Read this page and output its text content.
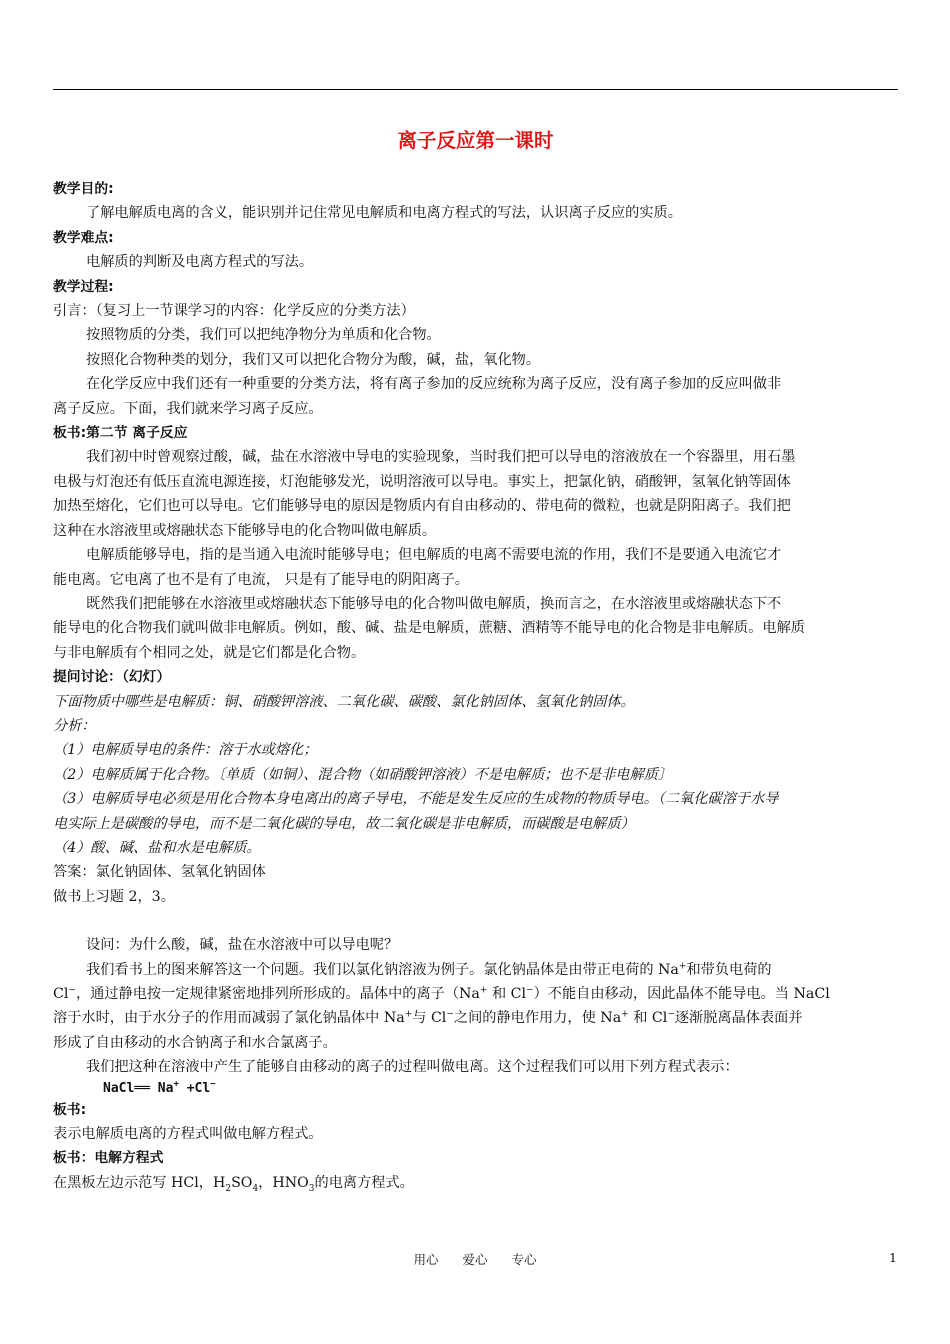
离子反应第一课时
教学目的:
了解电解质电离的含义，能识别并记住常见电解质和电离方程式的写法，认识离子反应的实质。
教学难点:
电解质的判断及电离方程式的写法。
教学过程:
引言：（复习上一节课学习的内容：化学反应的分类方法）
按照物质的分类，我们可以把纯净物分为单质和化合物。
按照化合物种类的划分，我们又可以把化合物分为酸，碱，盐，氧化物。
在化学反应中我们还有一种重要的分类方法，将有离子参加的反应统称为离子反应，没有离子参加的反应叫做非
离子反应。下面，我们就来学习离子反应。
板书:第二节 离子反应
我们初中时曾观察过酸，碱，盐在水溶液中导电的实验现象，当时我们把可以导电的溶液放在一个容器里，用石墨
电极与灯泡还有低压直流电源连接，灯泡能够发光，说明溶液可以导电。事实上，把氯化钠，硝酸钾，氢氧化钠等固体
加热至熔化，它们也可以导电。它们能够导电的原因是物质内有自由移动的、带电荷的微粒，也就是阴阳离子。我们把
这种在水溶液里或熔融状态下能够导电的化合物叫做电解质。
电解质能够导电，指的是当通入电流时能够导电；但电解质的电离不需要电流的作用，我们不是要通入电流它才
能电离。它电离了也不是有了电流， 只是有了能导电的阴阳离子。
既然我们把能够在水溶液里或熔融状态下能够导电的化合物叫做电解质，换而言之，在水溶液里或熔融状态下不
能导电的化合物我们就叫做非电解质。例如，酸、碱、盐是电解质，蔗糖、酒精等不能导电的化合物是非电解质。电解质
与非电解质有个相同之处，就是它们都是化合物。
提问讨论：（幻灯）
下面物质中哪些是电解质：铜、硝酸钾溶液、二氧化碳、碳酸、氯化钠固体、氢氧化钠固体。
分析：
（1）电解质导电的条件：溶于水或熔化；
（2）电解质属于化合物。〔单质（如铜）、混合物（如硝酸钾溶液）不是电解质；也不是非电解质〕
（3）电解质导电必须是用化合物本身电离出的离子导电，不能是发生反应的生成物的物质导电。（二氧化碳溶于水导
电实际上是碳酸的导电，而不是二氧化碳的导电，故二氧化碳是非电解质，而碳酸是电解质）
（4）酸、碱、盐和水是电解质。
答案：氯化钠固体、氢氧化钠固体
做书上习题 2，3。
设问：为什么酸，碱，盐在水溶液中可以导电呢？
我们看书上的图来解答这一个问题。我们以氯化钠溶液为例子。氯化钠晶体是由带正电荷的 Na+和带负电荷的
Cl−，通过静电按一定规律紧密地排列所形成的。晶体中的离子（Na+ 和 Cl−）不能自由移动，因此晶体不能导电。当 NaCl
溶于水时，由于水分子的作用而减弱了氯化钠晶体中 Na+与 Cl−之间的静电作用力，使 Na+ 和 Cl−逐渐脱离晶体表面并
形成了自由移动的水合钠离子和水合氯离子。
我们把这种在溶液中产生了能够自由移动的离子的过程叫做电离。这个过程我们可以用下列方程式表示：
NaCl══ Na+ +Cl−
板书:
表示电解质电离的方程式叫做电解方程式。
板书：电解方程式
在黑板左边示范写 HCl，$H_2SO_4$，$HNO_3$的电离方程式。
用心 爱心 专心	1
